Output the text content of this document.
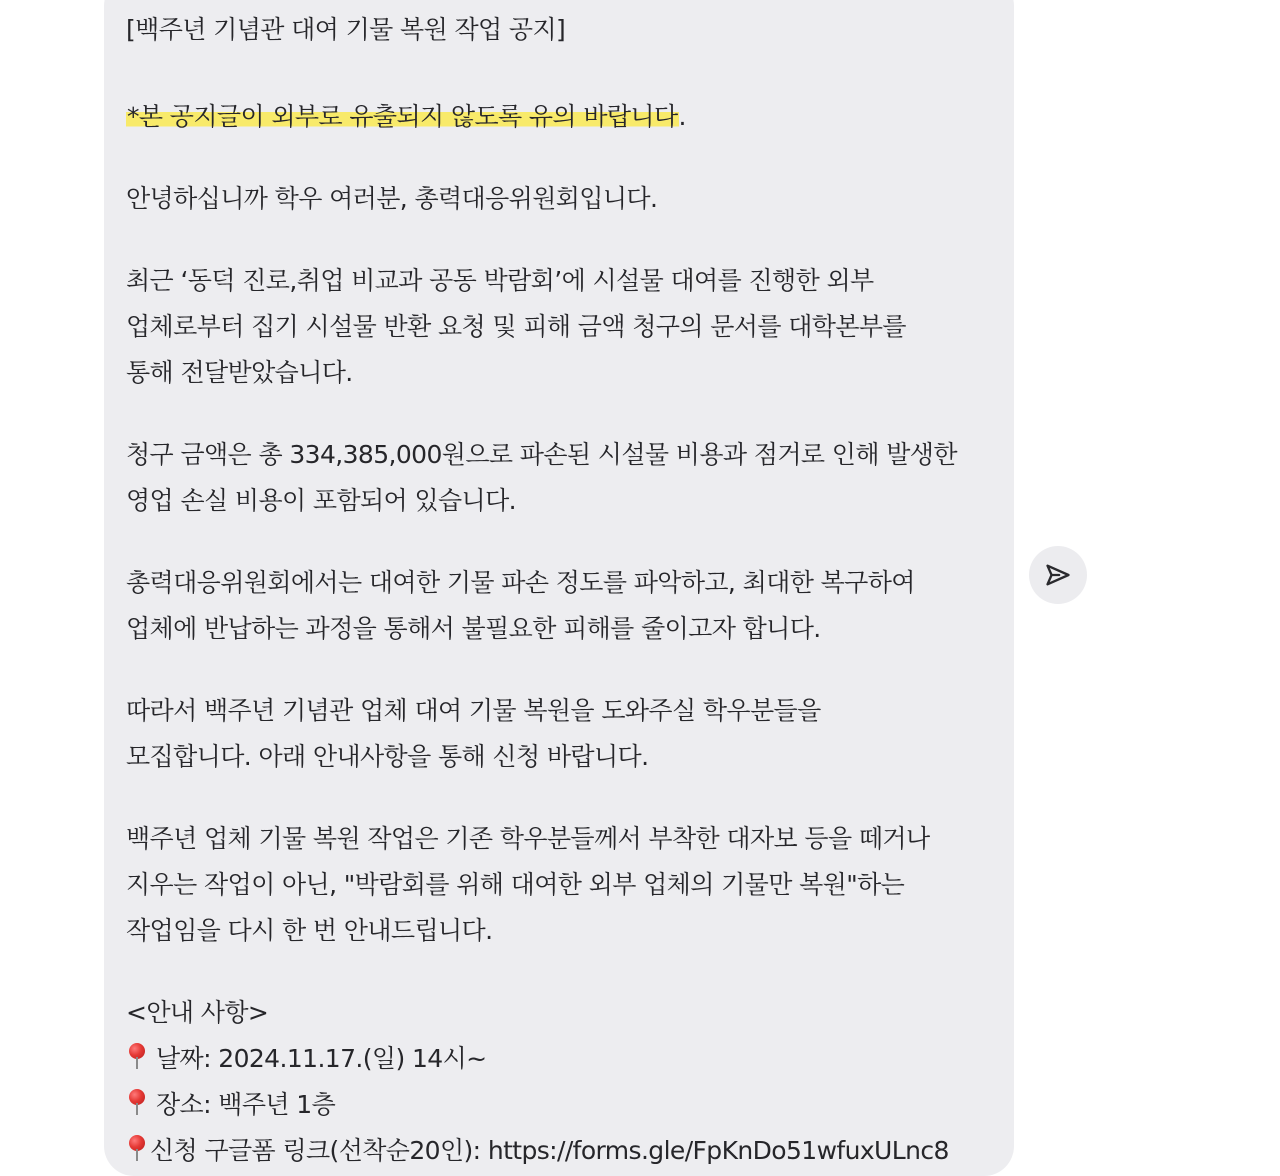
[백주년 기념관 대여 기물 복원 작업 공지]
*본 공지글이 외부로 유출되지 않도록 유의 바랍니다.
안녕하십니까 학우 여러분, 총력대응위원회입니다.
최근 ‘동덕 진로,취업 비교과 공동 박람회’에 시설물 대여를 진행한 외부
업체로부터 집기 시설물 반환 요청 및 피해 금액 청구의 문서를 대학본부를
통해 전달받았습니다.
청구 금액은 총 334,385,000원으로 파손된 시설물 비용과 점거로 인해 발생한
영업 손실 비용이 포함되어 있습니다.
총력대응위원회에서는 대여한 기물 파손 정도를 파악하고, 최대한 복구하여
업체에 반납하는 과정을 통해서 불필요한 피해를 줄이고자 합니다.
따라서 백주년 기념관 업체 대여 기물 복원을 도와주실 학우분들을
모집합니다. 아래 안내사항을 통해 신청 바랍니다.
백주년 업체 기물 복원 작업은 기존 학우분들께서 부착한 대자보 등을 떼거나
지우는 작업이 아닌, "박람회를 위해 대여한 외부 업체의 기물만 복원"하는
작업임을 다시 한 번 안내드립니다.
<안내 사항>
날짜: 2024.11.17.(일) 14시~
장소: 백주년 1층
신청 구글폼 링크(선착순20인): https://forms.gle/FpKnDo51wfuxULnc8
